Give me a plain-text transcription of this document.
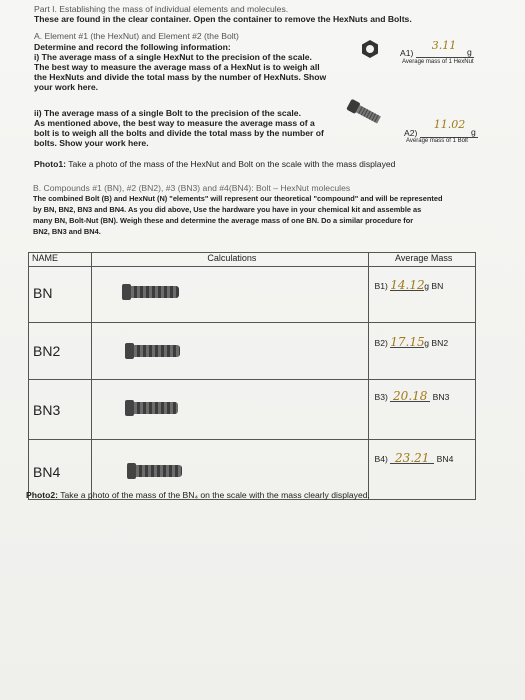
Part I. Establishing the mass of individual elements and molecules.
These are found in the clear container. Open the container to remove the HexNuts and Bolts.
A. Element #1 (the HexNut) and Element #2 (the Bolt)
Determine and record the following information:
i) The average mass of a single HexNut to the precision of the scale.
The best way to measure the average mass of a HexNut is to weigh all
the HexNuts and divide the total mass by the number of HexNuts. Show
your work here.
A1)
3.11 g
Average mass of 1 HexNut
ii) The average mass of a single Bolt to the precision of the scale.
As mentioned above, the best way to measure the average mass of a
bolt is to weigh all the bolts and divide the total mass by the number of
bolts. Show your work here.
A2)
11.02
g
Average mass of 1 Bolt
Photo1: Take a photo of the mass of the HexNut and Bolt on the scale with the mass displayed
B. Compounds #1 (BN), #2 (BN2), #3 (BN3) and #4(BN4): Bolt – HexNut molecules
The combined Bolt (B) and HexNut (N) "elements" will represent our theoretical "compound" and will be represented
by BN, BN2, BN3 and BN4. As you did above, Use the hardware you have in your chemical kit and assemble as
many BN, Bolt-Nut (BN). Weigh these and determine the average mass of one BN. Do a similar procedure for
BN2, BN3 and BN4.
NAME	Calculations	Average Mass

BN		B1) 14.12g BN

BN2		B2) 17.15g BN2

BN3		B3) 20.18 BN3

BN4		B4) 23.21 BN4
Photo2: Take a photo of the mass of the BN₄ on the scale with the mass clearly displayed.
